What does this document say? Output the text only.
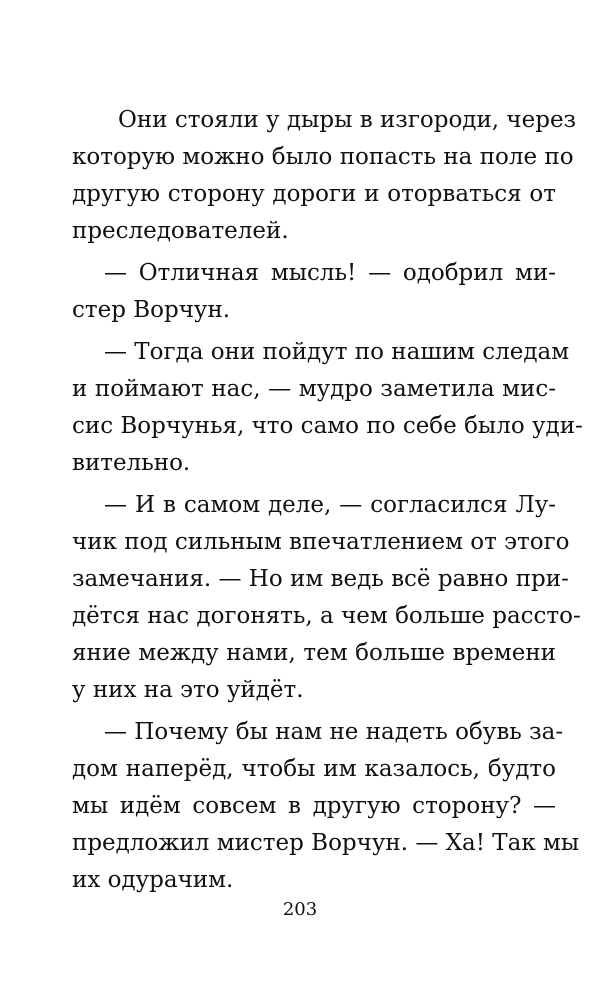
Они стояли у дыры в изгороди, через
которую можно было попасть на поле по
другую сторону дороги и оторваться от
преследователей.
— Отличная мысль! — одобрил ми-
стер Ворчун.
— Тогда они пойдут по нашим следам
и поймают нас, — мудро заметила мис-
сис Ворчунья, что само по себе было уди-
вительно.
— И в самом деле, — согласился Лу-
чик под сильным впечатлением от этого
замечания. — Но им ведь всё равно при-
дётся нас догонять, а чем больше рассто-
яние между нами, тем больше времени
у них на это уйдёт.
— Почему бы нам не надеть обувь за-
дом наперёд, чтобы им казалось, будто
мы идём совсем в другую сторону? —
предложил мистер Ворчун. — Ха! Так мы
их одурачим.
203
